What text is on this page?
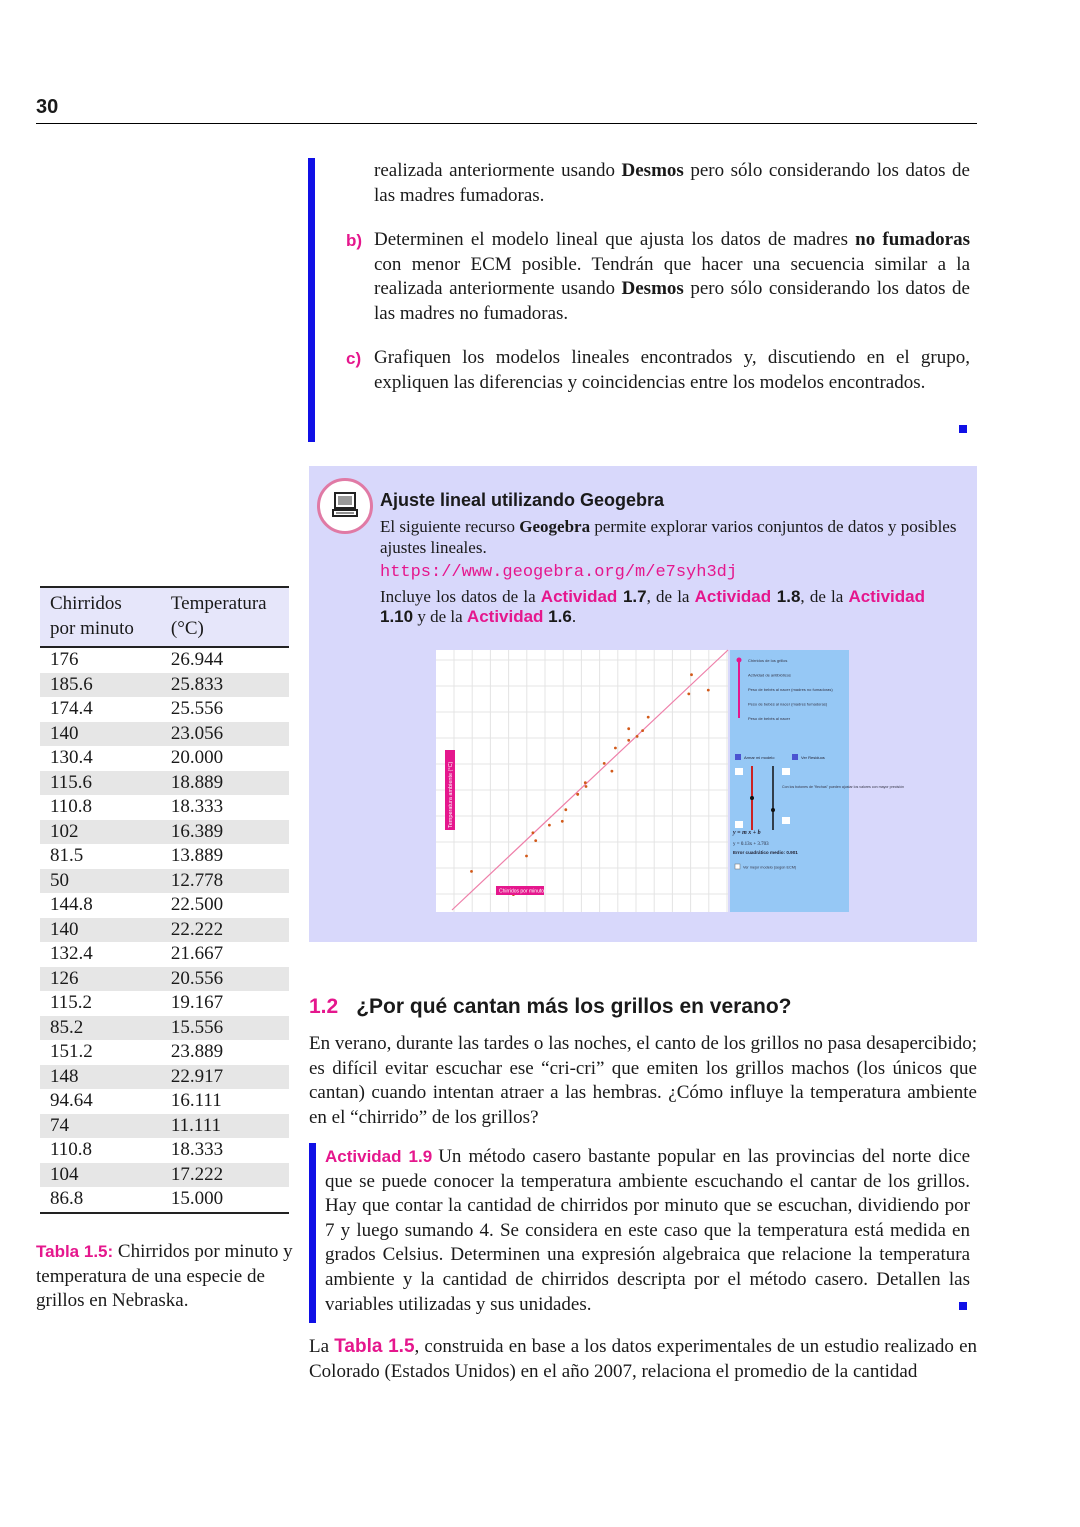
30
realizada anteriormente usando Desmos pero sólo considerando los datos de las madres fumadoras.
b) Determinen el modelo lineal que ajusta los datos de madres no fumadoras con menor ECM posible. Tendrán que hacer una secuencia similar a la realizada anteriormente usando Desmos pero sólo considerando los datos de las madres no fumadoras.
c) Grafiquen los modelos lineales encontrados y, discutiendo en el grupo, expliquen las diferencias y coincidencias entre los modelos encontrados.
Ajuste lineal utilizando Geogebra
El siguiente recurso Geogebra permite explorar varios conjuntos de datos y posibles ajustes lineales.
https://www.geogebra.org/m/e7syh3dj
Incluye los datos de la Actividad 1.7, de la Actividad 1.8, de la Actividad 1.10 y de la Actividad 1.6.
Temperatura ambiente (°C)
Chirridos por minuto
Chirridos de los grillos
Actividad de antibióticos
Peso de bebés al nacer (madres no fumadoras)
Peso de bebés al nacer (madres fumadoras)
Peso de bebés al nacer
Armar mi modelo	Ver Residuos
Con los botones de "flechas" pueden ajustar los valores con mayor precisión
y = m x + b
y = 0.13x + 3.703
Error cuadrático medio: 0.901
Ver mejor modelo (según ECM)
Chirridos por minuto	Temperatura (°C)
176	26.944
185.6	25.833
174.4	25.556
140	23.056
130.4	20.000
115.6	18.889
110.8	18.333
102	16.389
81.5	13.889
50	12.778
144.8	22.500
140	22.222
132.4	21.667
126	20.556
115.2	19.167
85.2	15.556
151.2	23.889
148	22.917
94.64	16.111
74	11.111
110.8	18.333
104	17.222
86.8	15.000
Tabla 1.5: Chirridos por minuto y temperatura de una especie de grillos en Nebraska.
1.2 ¿Por qué cantan más los grillos en verano?
En verano, durante las tardes o las noches, el canto de los grillos no pasa desapercibido; es difícil evitar escuchar ese “cri-cri” que emiten los grillos machos (los únicos que cantan) cuando intentan atraer a las hembras. ¿Cómo influye la temperatura ambiente en el “chirrido” de los grillos?
Actividad 1.9 Un método casero bastante popular en las provincias del norte dice que se puede conocer la temperatura ambiente escuchando el cantar de los grillos. Hay que contar la cantidad de chirridos por minuto que se escuchan, dividiendo por 7 y luego sumando 4. Se considera en este caso que la temperatura está medida en grados Celsius. Determinen una expresión algebraica que relacione la temperatura ambiente y la cantidad de chirridos descripta por el método casero. Detallen las variables utilizadas y sus unidades.
La Tabla 1.5, construida en base a los datos experimentales de un estudio realizado en Colorado (Estados Unidos) en el año 2007, relaciona el promedio de la cantidad
